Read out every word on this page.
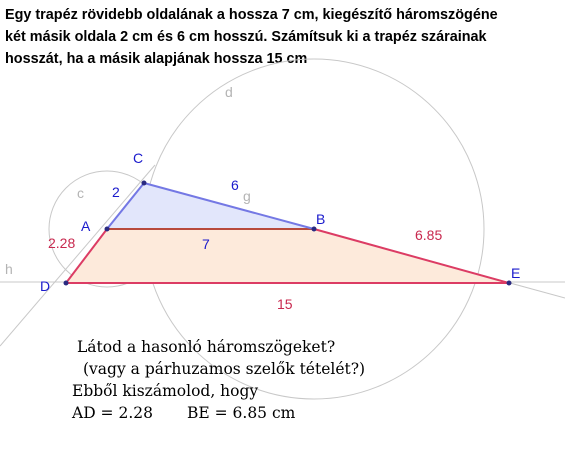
Egy trapéz rövidebb oldalának a hossza 7 cm, kiegészítő háromszögéne
két másik oldala 2 cm és 6 cm hosszú. Számítsuk ki a trapéz szárainak
hosszát, ha a másik alapjának hossza 15 cm
A	B
C
D
E
c
d
g
h
2	6
7
15
2.28	6.85
Látod a hasonló háromszögeket?
(vagy a párhuzamos szelők tételét?)
Ebből kiszámolod, hogy
AD = 2.28 BE = 6.85 cm
